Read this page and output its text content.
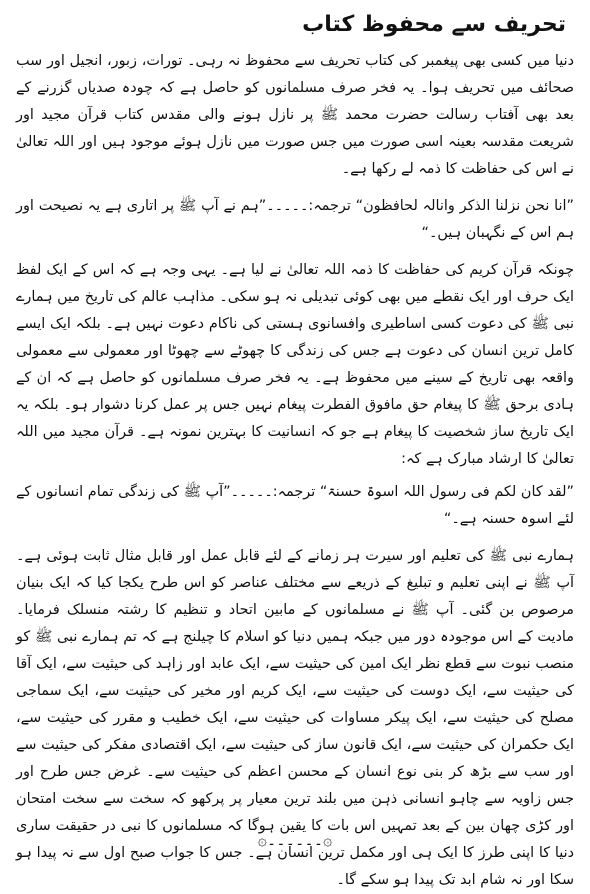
تحریف سے محفوظ کتاب

دنیا میں کسی بھی پیغمبر کی کتاب تحریف سے محفوظ نہ رہی۔ تورات، زبور، انجیل اور سب صحائف میں تحریف ہوا۔ یہ فخر صرف مسلمانوں کو حاصل ہے کہ چودہ صدیاں گزرنے کے بعد بھی آفتاب رسالت حضرت محمد ﷺ پر نازل ہونے والی مقدس کتاب قرآن مجید اور شریعت مقدسہ بعینہ اسی صورت میں جس صورت میں نازل ہوئے موجود ہیں اور اللہ تعالیٰ نے اس کی حفاظت کا ذمہ لے رکھا ہے۔

”انا نحن نزلنا الذکر وانالہ لحافظون“ ترجمہ:۔۔۔۔۔”ہم نے آپ ﷺ پر اتاری ہے یہ نصیحت اور ہم اس کے نگہبان ہیں۔“

چونکہ قرآن کریم کی حفاظت کا ذمہ اللہ تعالیٰ نے لیا ہے۔ یہی وجہ ہے کہ اس کے ایک لفظ ایک حرف اور ایک نقطے میں بھی کوئی تبدیلی نہ ہو سکی۔ مذاہب عالم کی تاریخ میں ہمارے نبی ﷺ کی دعوت کسی اساطیری وافسانوی ہستی کی ناکام دعوت نہیں ہے۔ بلکہ ایک ایسے کامل ترین انسان کی دعوت ہے جس کی زندگی کا چھوٹے سے چھوٹا اور معمولی سے معمولی واقعہ بھی تاریخ کے سینے میں محفوظ ہے۔ یہ فخر صرف مسلمانوں کو حاصل ہے کہ ان کے ہادی برحق ﷺ کا پیغام حق مافوق الفطرت پیغام نہیں جس پر عمل کرنا دشوار ہو۔ بلکہ یہ ایک تاریخ ساز شخصیت کا پیغام ہے جو کہ انسانیت کا بہترین نمونہ ہے۔ قرآن مجید میں اللہ تعالیٰ کا ارشاد مبارک ہے کہ:

”لقد کان لکم فی رسول اللہ اسوۃ حسنۃ“ ترجمہ:۔۔۔۔۔”آپ ﷺ کی زندگی تمام انسانوں کے لئے اسوہ حسنہ ہے۔“

ہمارے نبی ﷺ کی تعلیم اور سیرت ہر زمانے کے لئے قابل عمل اور قابل مثال ثابت ہوئی ہے۔ آپ ﷺ نے اپنی تعلیم و تبلیغ کے ذریعے سے مختلف عناصر کو اس طرح یکجا کیا کہ ایک بنیان مرصوص بن گئی۔ آپ ﷺ نے مسلمانوں کے مابین اتحاد و تنظیم کا رشتہ منسلک فرمایا۔ مادیت کے اس موجودہ دور میں جبکہ ہمیں دنیا کو اسلام کا چیلنج ہے کہ تم ہمارے نبی ﷺ کو منصب نبوت سے قطع نظر ایک امین کی حیثیت سے، ایک عابد اور زاہد کی حیثیت سے، ایک آقا کی حیثیت سے، ایک دوست کی حیثیت سے، ایک کریم اور مخیر کی حیثیت سے، ایک سماجی مصلح کی حیثیت سے، ایک پیکر مساوات کی حیثیت سے، ایک خطیب و مقرر کی حیثیت سے، ایک حکمران کی حیثیت سے، ایک قانون ساز کی حیثیت سے، ایک اقتصادی مفکر کی حیثیت سے اور سب سے بڑھ کر بنی نوع انسان کے محسن اعظم کی حیثیت سے۔ غرض جس طرح اور جس زاویہ سے چاہو انسانی ذہن میں بلند ترین معیار پر پرکھو کہ سخت سے سخت امتحان اور کڑی چھان بین کے بعد تمہیں اس بات کا یقین ہوگا کہ مسلمانوں کا نبی در حقیقت ساری دنیا کا اپنی طرز کا ایک ہی اور مکمل ترین انسان ہے۔ جس کا جواب صبح اول سے نہ پیدا ہو سکا اور نہ شام ابد تک پیدا ہو سکے گا۔

۞۔۔۔۔۔۔۞
